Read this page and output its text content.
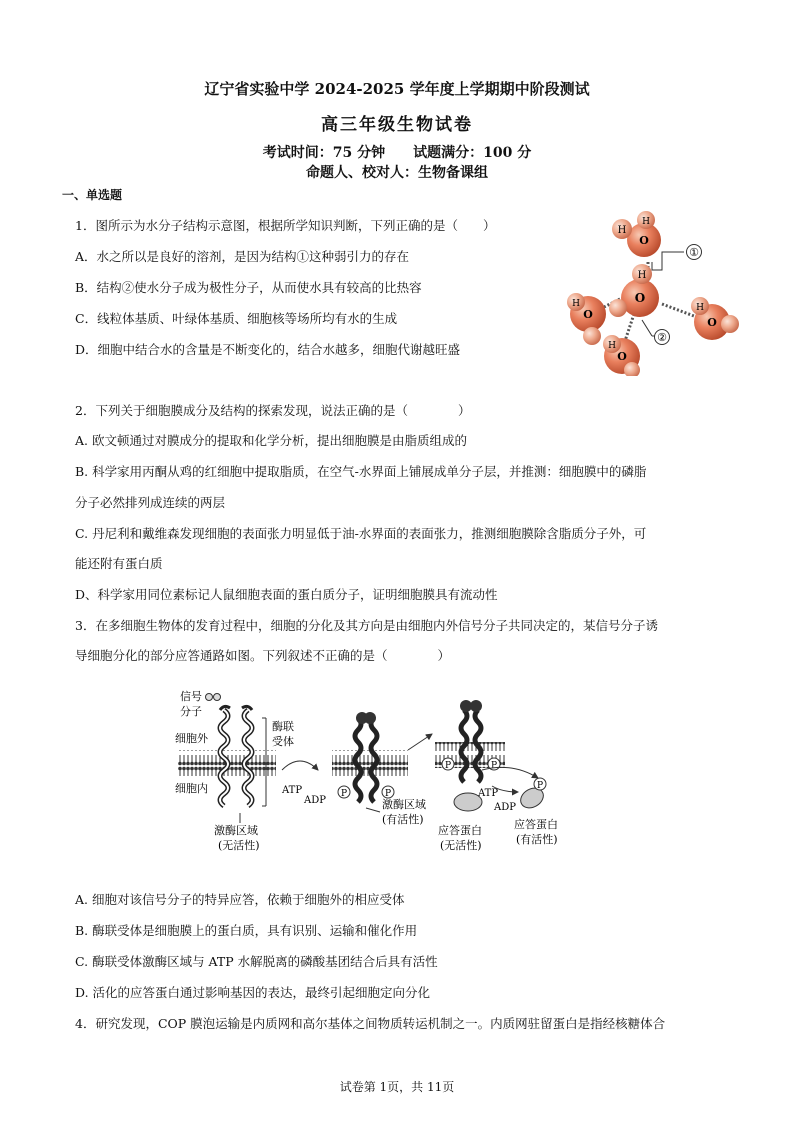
辽宁省实验中学 2024-2025 学年度上学期期中阶段测试
高三年级生物试卷
考试时间：75 分钟　　试题满分：100 分
命题人、校对人：生物备课组
一、单选题
1．图所示为水分子结构示意图，根据所学知识判断，下列正确的是（　　）
A．水之所以是良好的溶剂，是因为结构①这种弱引力的存在
B．结构②使水分子成为极性分子，从而使水具有较高的比热容
C．线粒体基质、叶绿体基质、细胞核等场所均有水的生成
D．细胞中结合水的含量是不断变化的，结合水越多，细胞代谢越旺盛
①
②
O
H
H
H
O
O
H
O
H
O
H
2．下列关于细胞膜成分及结构的探索发现，说法正确的是（　　　　）
A. 欧文顿通过对膜成分的提取和化学分析，提出细胞膜是由脂质组成的
B. 科学家用丙酮从鸡的红细胞中提取脂质，在空气-水界面上铺展成单分子层，并推测：细胞膜中的磷脂
分子必然排列成连续的两层
C. 丹尼利和戴维森发现细胞的表面张力明显低于油-水界面的表面张力，推测细胞膜除含脂质分子外，可
能还附有蛋白质
D、科学家用同位素标记人鼠细胞表面的蛋白质分子，证明细胞膜具有流动性
3．在多细胞生物体的发育过程中，细胞的分化及其方向是由细胞内外信号分子共同决定的，某信号分子诱
导细胞分化的部分应答通路如图。下列叙述不正确的是（　　　　）
信号
分子
细胞外
细胞内
酶联
受体
激酶区域
(无活性)
ATP
ADP
P	P
激酶区域
(有活性)
P	P
P
ATP
ADP
应答蛋白
(无活性)
应答蛋白
(有活性)
A. 细胞对该信号分子的特异应答，依赖于细胞外的相应受体
B. 酶联受体是细胞膜上的蛋白质，具有识别、运输和催化作用
C. 酶联受体激酶区域与 ATP 水解脱离的磷酸基团结合后具有活性
D. 活化的应答蛋白通过影响基因的表达，最终引起细胞定向分化
4．研究发现，COP 膜泡运输是内质网和高尔基体之间物质转运机制之一。内质网驻留蛋白是指经核糖体合
试卷第 1页，共 11页
